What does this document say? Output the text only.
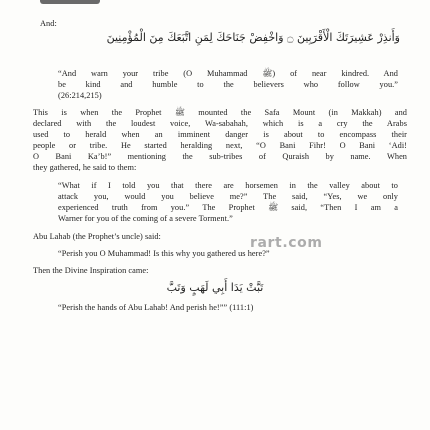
And:
وَأَنذِرْ عَشِيرَتَكَ الْأَقْرَبِينَ ۝ وَاخْفِضْ جَنَاحَكَ لِمَنِ اتَّبَعَكَ مِنَ الْمُؤْمِنِينَ
“And warn your tribe (O Muhammad ﷺ) of near kindred. And
be kind and humble to the believers who follow you.”
(26:214,215)
This is when the Prophet ﷺ mounted the Safa Mount (in Makkah) and
declared with the loudest voice, Wa-sabahah, which is a cry the Arabs
used to herald when an imminent danger is about to encompass their
people or tribe. He started heralding next, “O Bani Fihr! O Bani ‘Adi!
O Bani Ka’b!” mentioning the sub-tribes of Quraish by name. When
they gathered, he said to them:
“What if I told you that there are horsemen in the valley about to
attack you, would you believe me?” The said, “Yes, we only
experienced truth from you.” The Prophet ﷺ said, “Then I am a
Warner for you of the coming of a severe Torment.”
Abu Lahab (the Prophet’s uncle) said:
“Perish you O Muhammad! Is this why you gathered us here?”
Then the Divine Inspiration came:
تَبَّتْ يَدَا أَبِي لَهَبٍ وَتَبَّ
“Perish the hands of Abu Lahab! And perish he!”” (111:1)
rart.com
